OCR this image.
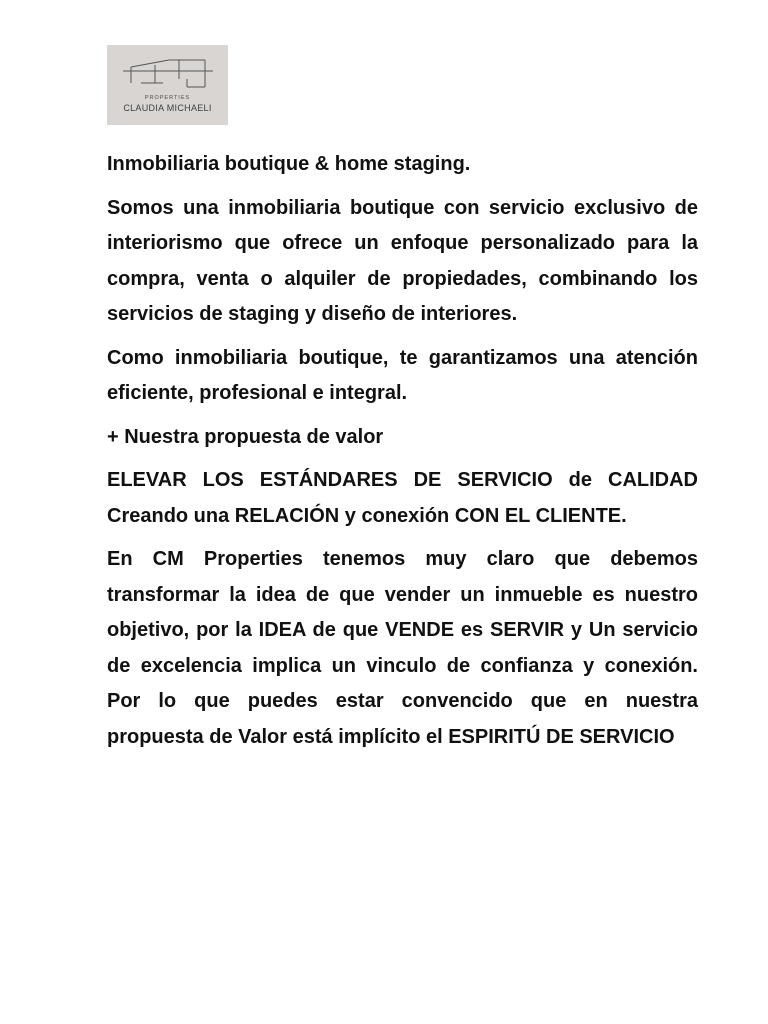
PROPERTIES
CLAUDIA MICHAELI

Inmobiliaria boutique & home staging.

Somos una inmobiliaria boutique con servicio exclusivo de interiorismo que ofrece un enfoque personalizado para la compra, venta o alquiler de propiedades, combinando los servicios de staging y diseño de interiores.

Como inmobiliaria boutique, te garantizamos una atención eficiente, profesional e integral.

+ Nuestra propuesta de valor

ELEVAR LOS ESTÁNDARES DE SERVICIO de CALIDAD Creando una RELACIÓN y conexión CON EL CLIENTE.

En CM Properties tenemos muy claro que debemos transformar la idea de que vender un inmueble es nuestro objetivo, por la IDEA de que VENDE es SERVIR y Un servicio de excelencia implica un vinculo de confianza y conexión. Por lo que puedes estar convencido que en nuestra propuesta de Valor está implícito el ESPIRITÚ DE SERVICIO
